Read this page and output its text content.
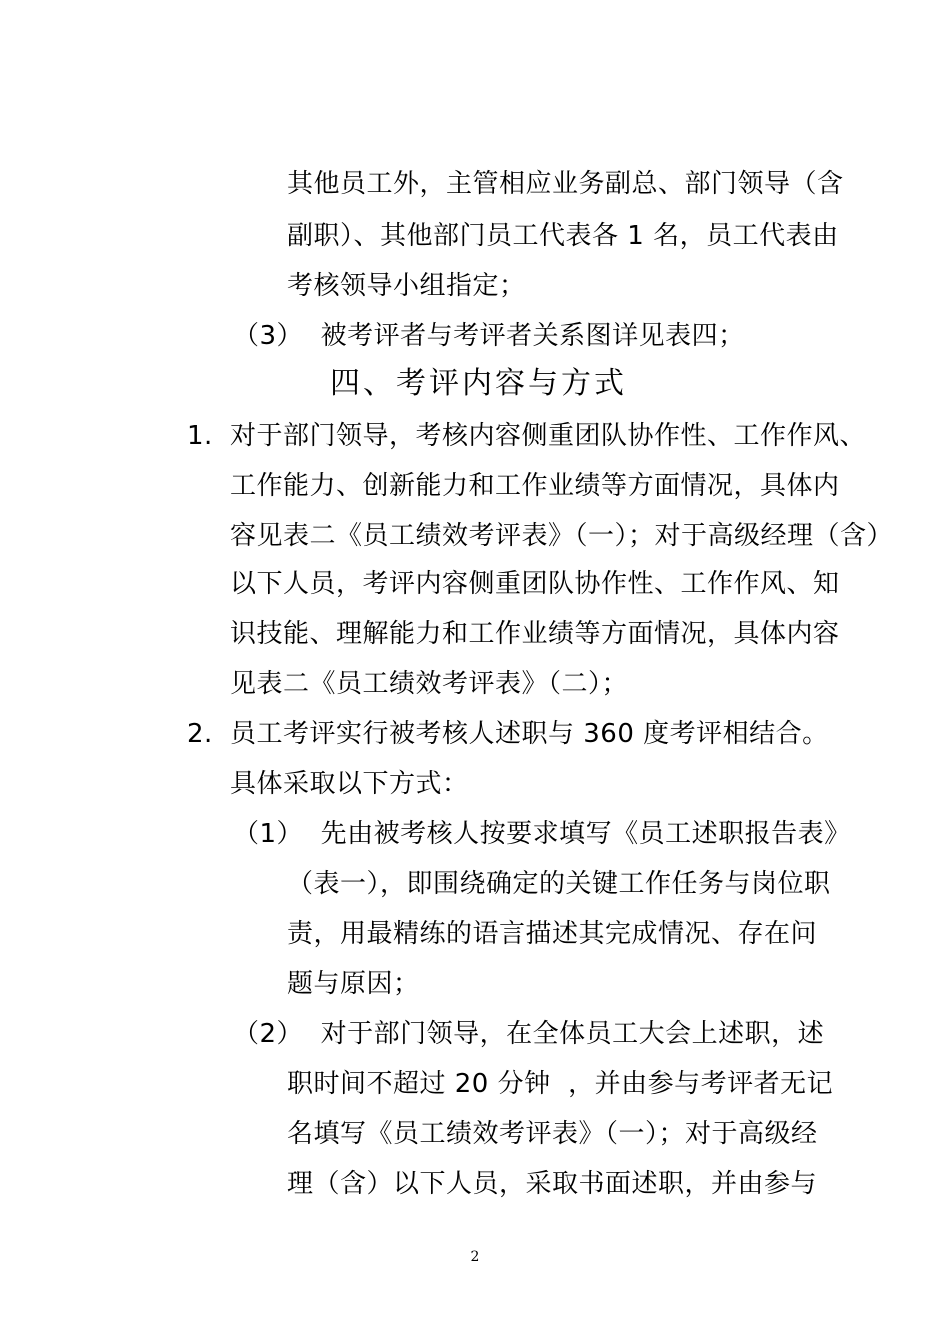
其他员工外，主管相应业务副总、部门领导（含
副职）、其他部门员工代表各 1 名，员工代表由
考核领导小组指定；
（3）  被考评者与考评者关系图详见表四；
四、考评内容与方式
1. 对于部门领导，考核内容侧重团队协作性、工作作风、
工作能力、创新能力和工作业绩等方面情况，具体内
容见表二《员工绩效考评表》（一）；对于高级经理（含）
以下人员，考评内容侧重团队协作性、工作作风、知
识技能、理解能力和工作业绩等方面情况，具体内容
见表二《员工绩效考评表》（二）；
2. 员工考评实行被考核人述职与 360 度考评相结合。
具体采取以下方式：
（1）  先由被考核人按要求填写《员工述职报告表》
（表一），即围绕确定的关键工作任务与岗位职
责，用最精练的语言描述其完成情况、存在问
题与原因；
（2）  对于部门领导，在全体员工大会上述职，述
职时间不超过 20 分钟  ，并由参与考评者无记
名填写《员工绩效考评表》（一）；对于高级经
理（含）以下人员，采取书面述职，并由参与
2
